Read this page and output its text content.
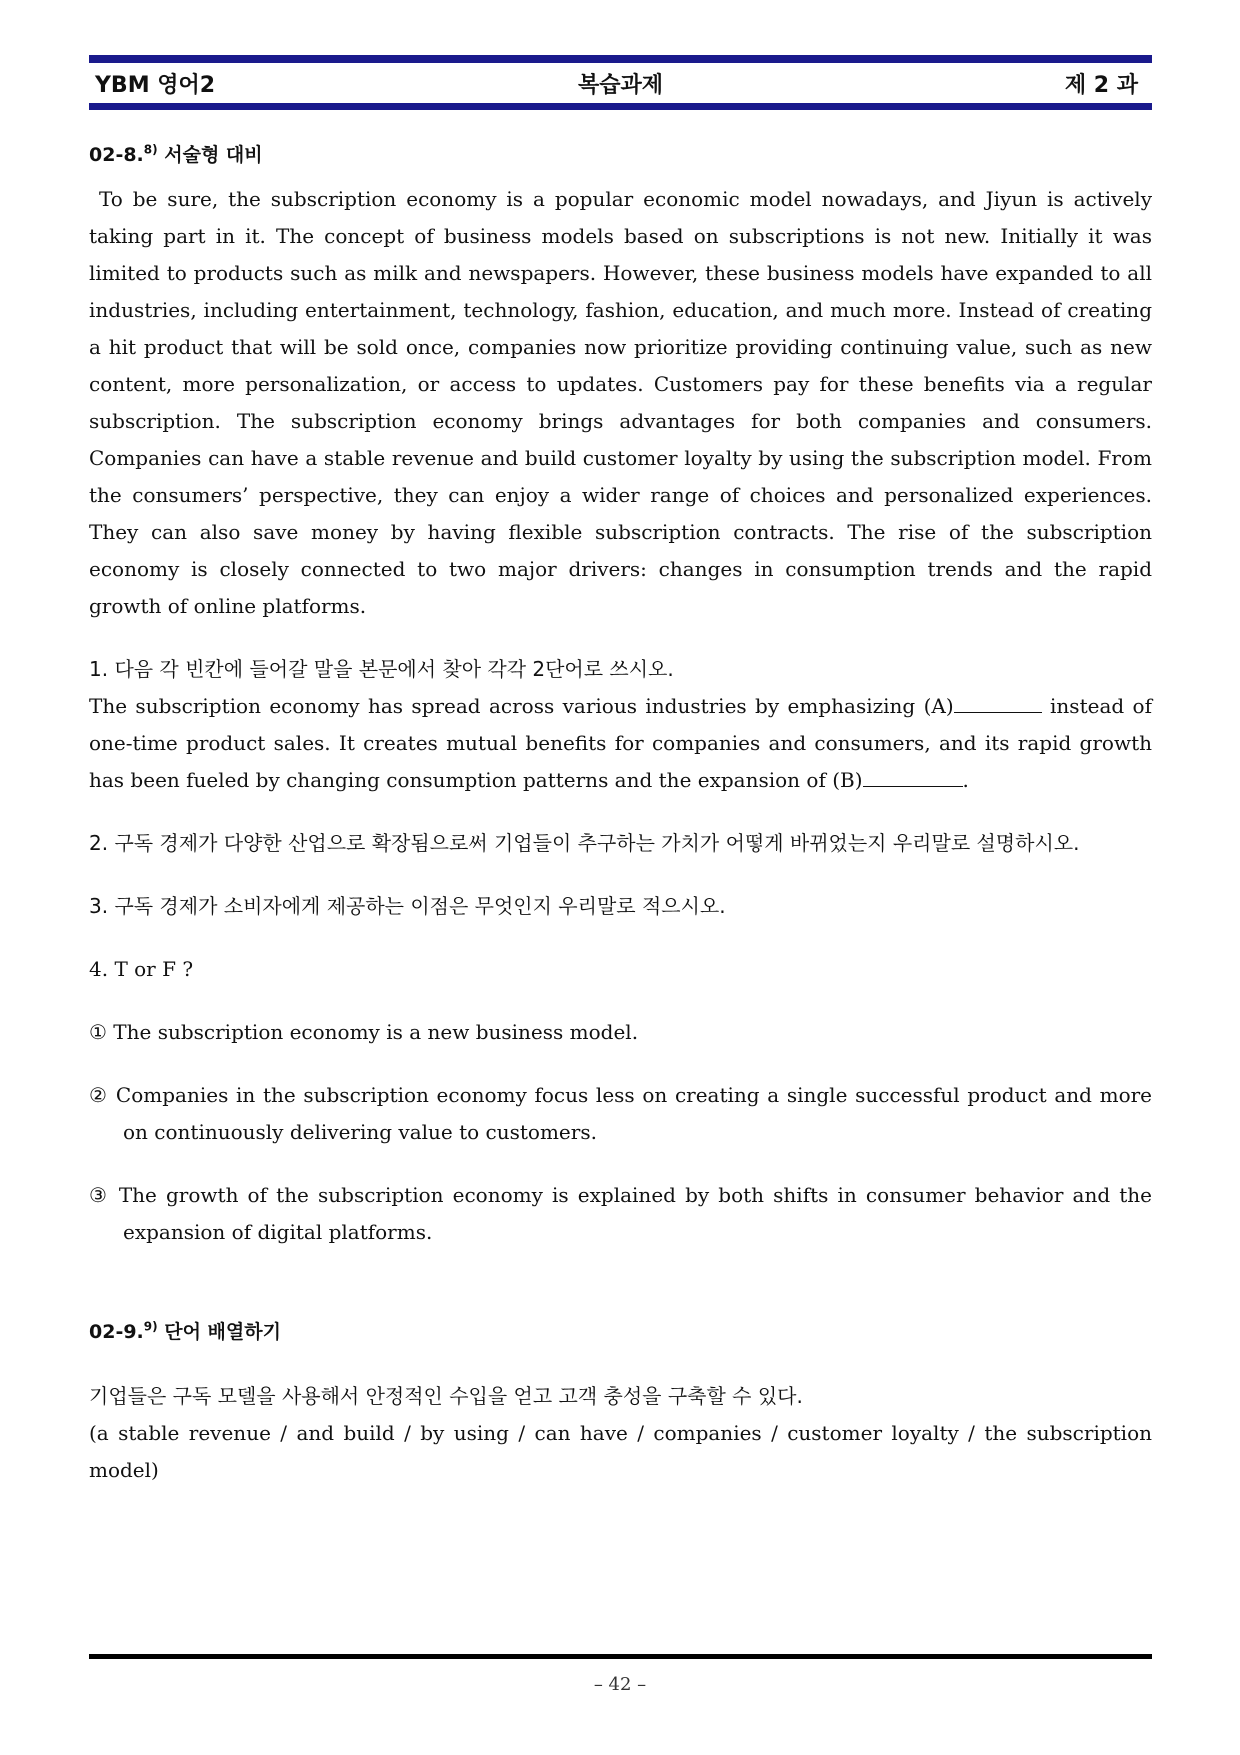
YBM 영어2	복습과제	제 2 과
02-8.$^{8)}$ 서술형 대비

To be sure, the subscription economy is a popular economic model nowadays, and Jiyun is actively taking part in it. The concept of business models based on subscriptions is not new. Initially it was limited to products such as milk and newspapers. However, these business models have expanded to all industries, including entertainment, technology, fashion, education, and much more. Instead of creating a hit product that will be sold once, companies now prioritize providing continuing value, such as new content, more personalization, or access to updates. Customers pay for these benefits via a regular subscription. The subscription economy brings advantages for both companies and consumers. Companies can have a stable revenue and build customer loyalty by using the subscription model. From the consumers’ perspective, they can enjoy a wider range of choices and personalized experiences. They can also save money by having flexible subscription contracts. The rise of the subscription economy is closely connected to two major drivers: changes in consumption trends and the rapid growth of online platforms.

1. 다음 각 빈칸에 들어갈 말을 본문에서 찾아 각각 2단어로 쓰시오.

The subscription economy has spread across various industries by emphasizing (A)	instead of one-time product sales. It creates mutual benefits for companies and consumers, and its rapid growth has been fueled by changing consumption patterns and the expansion of (B)	.

2. 구독 경제가 다양한 산업으로 확장됨으로써 기업들이 추구하는 가치가 어떻게 바뀌었는지 우리말로 설명하시오.
3. 구독 경제가 소비자에게 제공하는 이점은 무엇인지 우리말로 적으시오.
4. T or F ?
① The subscription economy is a new business model.
② Companies in the subscription economy focus less on creating a single successful product and more on continuously delivering value to customers.
③ The growth of the subscription economy is explained by both shifts in consumer behavior and the expansion of digital platforms.
02-9.$^{9)}$ 단어 배열하기
기업들은 구독 모델을 사용해서 안정적인 수입을 얻고 고객 충성을 구축할 수 있다.

(a stable revenue / and build / by using / can have / companies / customer loyalty / the subscription model)

– 42 –
